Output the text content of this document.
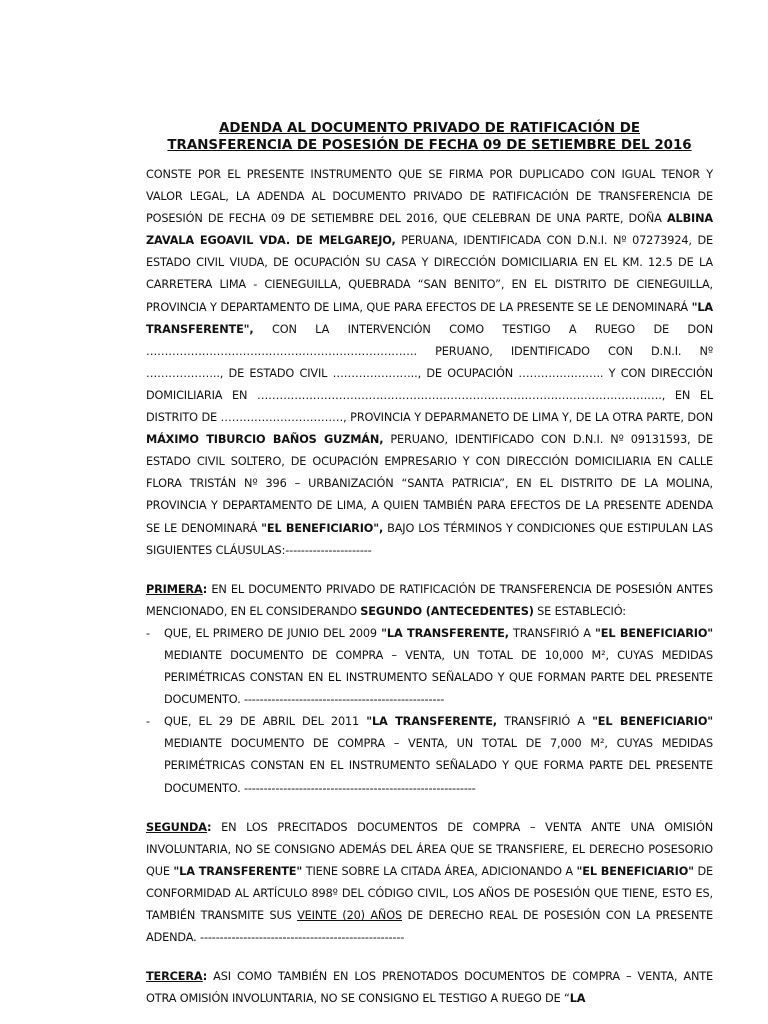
ADENDA AL DOCUMENTO PRIVADO DE RATIFICACIÓN DE
TRANSFERENCIA DE POSESIÓN DE FECHA 09 DE SETIEMBRE DEL 2016

CONSTE POR EL PRESENTE INSTRUMENTO QUE SE FIRMA POR DUPLICADO CON IGUAL TENOR Y VALOR LEGAL, LA ADENDA AL DOCUMENTO PRIVADO DE RATIFICACIÓN DE TRANSFERENCIA DE POSESIÓN DE FECHA 09 DE SETIEMBRE DEL 2016, QUE CELEBRAN DE UNA PARTE, DOÑA ALBINA ZAVALA EGOAVIL VDA. DE MELGAREJO, PERUANA, IDENTIFICADA CON D.N.I. Nº 07273924, DE ESTADO CIVIL VIUDA, DE OCUPACIÓN SU CASA Y DIRECCIÓN DOMICILIARIA EN EL KM. 12.5 DE LA CARRETERA LIMA - CIENEGUILLA, QUEBRADA “SAN BENITO”, EN EL DISTRITO DE CIENEGUILLA, PROVINCIA Y DEPARTAMENTO DE LIMA, QUE PARA EFECTOS DE LA PRESENTE SE LE DENOMINARÁ "LA TRANSFERENTE", CON LA INTERVENCIÓN COMO TESTIGO A RUEGO DE DON ………………………………………………………………. PERUANO, IDENTIFICADO CON D.N.I. Nº ……………….., DE ESTADO CIVIL ………………….., DE OCUPACIÓN ………………….. Y CON DIRECCIÓN DOMICILIARIA EN ………………………………………………………………………………………………., EN EL DISTRITO DE ……………………………, PROVINCIA Y DEPARMANETO DE LIMA Y, DE LA OTRA PARTE, DON MÁXIMO TIBURCIO BAÑOS GUZMÁN, PERUANO, IDENTIFICADO CON D.N.I. Nº 09131593, DE ESTADO CIVIL SOLTERO, DE OCUPACIÓN EMPRESARIO Y CON DIRECCIÓN DOMICILIARIA EN CALLE FLORA TRISTÁN Nº 396 – URBANIZACIÓN “SANTA PATRICIA”, EN EL DISTRITO DE LA MOLINA, PROVINCIA Y DEPARTAMENTO DE LIMA, A QUIEN TAMBIÉN PARA EFECTOS DE LA PRESENTE ADENDA SE LE DENOMINARÁ "EL BENEFICIARIO", BAJO LOS TÉRMINOS Y CONDICIONES QUE ESTIPULAN LAS SIGUIENTES CLÁUSULAS:----------------------

PRIMERA: EN EL DOCUMENTO PRIVADO DE RATIFICACIÓN DE TRANSFERENCIA DE POSESIÓN ANTES MENCIONADO, EN EL CONSIDERANDO SEGUNDO (ANTECEDENTES) SE ESTABLECIÓ:

- QUE, EL PRIMERO DE JUNIO DEL 2009 "LA TRANSFERENTE, TRANSFIRIÓ A "EL BENEFICIARIO" MEDIANTE DOCUMENTO DE COMPRA – VENTA, UN TOTAL DE 10,000 M², CUYAS MEDIDAS PERIMÉTRICAS CONSTAN EN EL INSTRUMENTO SEÑALADO Y QUE FORMAN PARTE DEL PRESENTE DOCUMENTO. ---------------------------------------------------
- QUE, EL 29 DE ABRIL DEL 2011 "LA TRANSFERENTE, TRANSFIRIÓ A "EL BENEFICIARIO" MEDIANTE DOCUMENTO DE COMPRA – VENTA, UN TOTAL DE 7,000 M², CUYAS MEDIDAS PERIMÉTRICAS CONSTAN EN EL INSTRUMENTO SEÑALADO Y QUE FORMA PARTE DEL PRESENTE DOCUMENTO. -----------------------------------------------------------

SEGUNDA: EN LOS PRECITADOS DOCUMENTOS DE COMPRA – VENTA ANTE UNA OMISIÓN INVOLUNTARIA, NO SE CONSIGNO ADEMÁS DEL ÁREA QUE SE TRANSFIERE, EL DERECHO POSESORIO QUE "LA TRANSFERENTE" TIENE SOBRE LA CITADA ÁREA, ADICIONANDO A "EL BENEFICIARIO" DE CONFORMIDAD AL ARTÍCULO 898º DEL CÓDIGO CIVIL, LOS AÑOS DE POSESIÓN QUE TIENE, ESTO ES, TAMBIÉN TRANSMITE SUS VEINTE (20) AÑOS DE DERECHO REAL DE POSESIÓN CON LA PRESENTE ADENDA. ----------------------------------------------------

TERCERA: ASI COMO TAMBIÉN EN LOS PRENOTADOS DOCUMENTOS DE COMPRA – VENTA, ANTE OTRA OMISIÓN INVOLUNTARIA, NO SE CONSIGNO EL TESTIGO A RUEGO DE “LA
